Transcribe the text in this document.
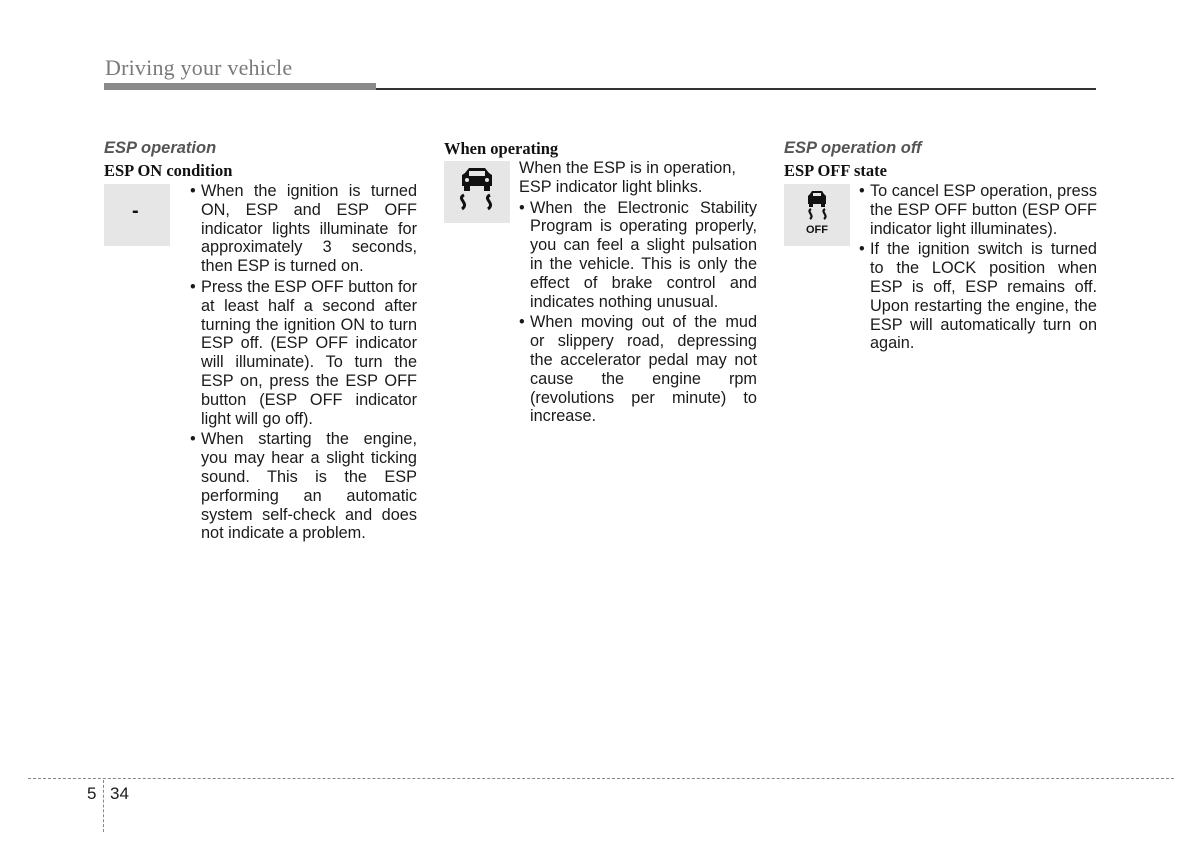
Driving your vehicle
ESP operation
ESP ON condition
-
• When the ignition is turned ON, ESP and ESP OFF indicator lights illuminate for approximately 3 seconds, then ESP is turned on.
• Press the ESP OFF button for at least half a second after turning the ignition ON to turn ESP off. (ESP OFF indicator will illuminate). To turn the ESP on, press the ESP OFF button (ESP OFF indicator light will go off).
• When starting the engine, you may hear a slight ticking sound. This is the ESP performing an automatic system self-check and does not indicate a problem.
When operating

When the ESP is in operation, ESP indicator light blinks.

• When the Electronic Stability Program is operating properly, you can feel a slight pulsation in the vehicle. This is only the effect of brake control and indicates nothing unusual.
• When moving out of the mud or slippery road, depressing the accelerator pedal may not cause the engine rpm (revolutions per minute) to increase.
ESP operation off
ESP OFF state
OFF
• To cancel ESP operation, press the ESP OFF button (ESP OFF indicator light illuminates).
• If the ignition switch is turned to the LOCK position when ESP is off, ESP remains off. Upon restarting the engine, the ESP will automatically turn on again.
5 34
